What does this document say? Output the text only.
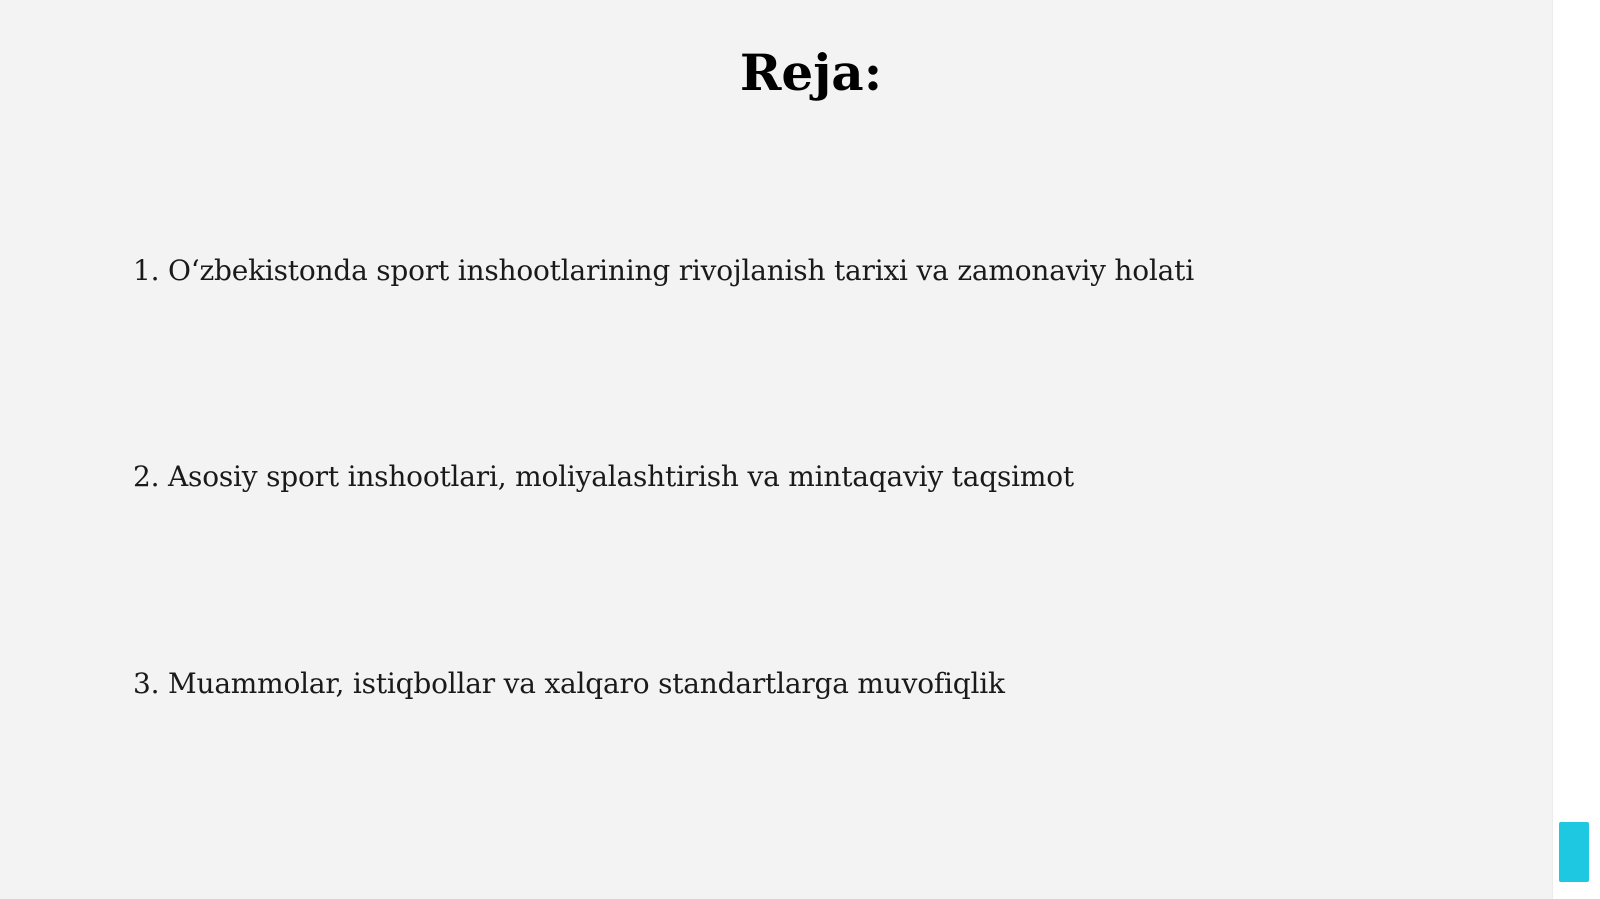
Reja:
1. O‘zbekistonda sport inshootlarining rivojlanish tarixi va zamonaviy holati
2. Asosiy sport inshootlari, moliyalashtirish va mintaqaviy taqsimot
3. Muammolar, istiqbollar va xalqaro standartlarga muvofiqlik
